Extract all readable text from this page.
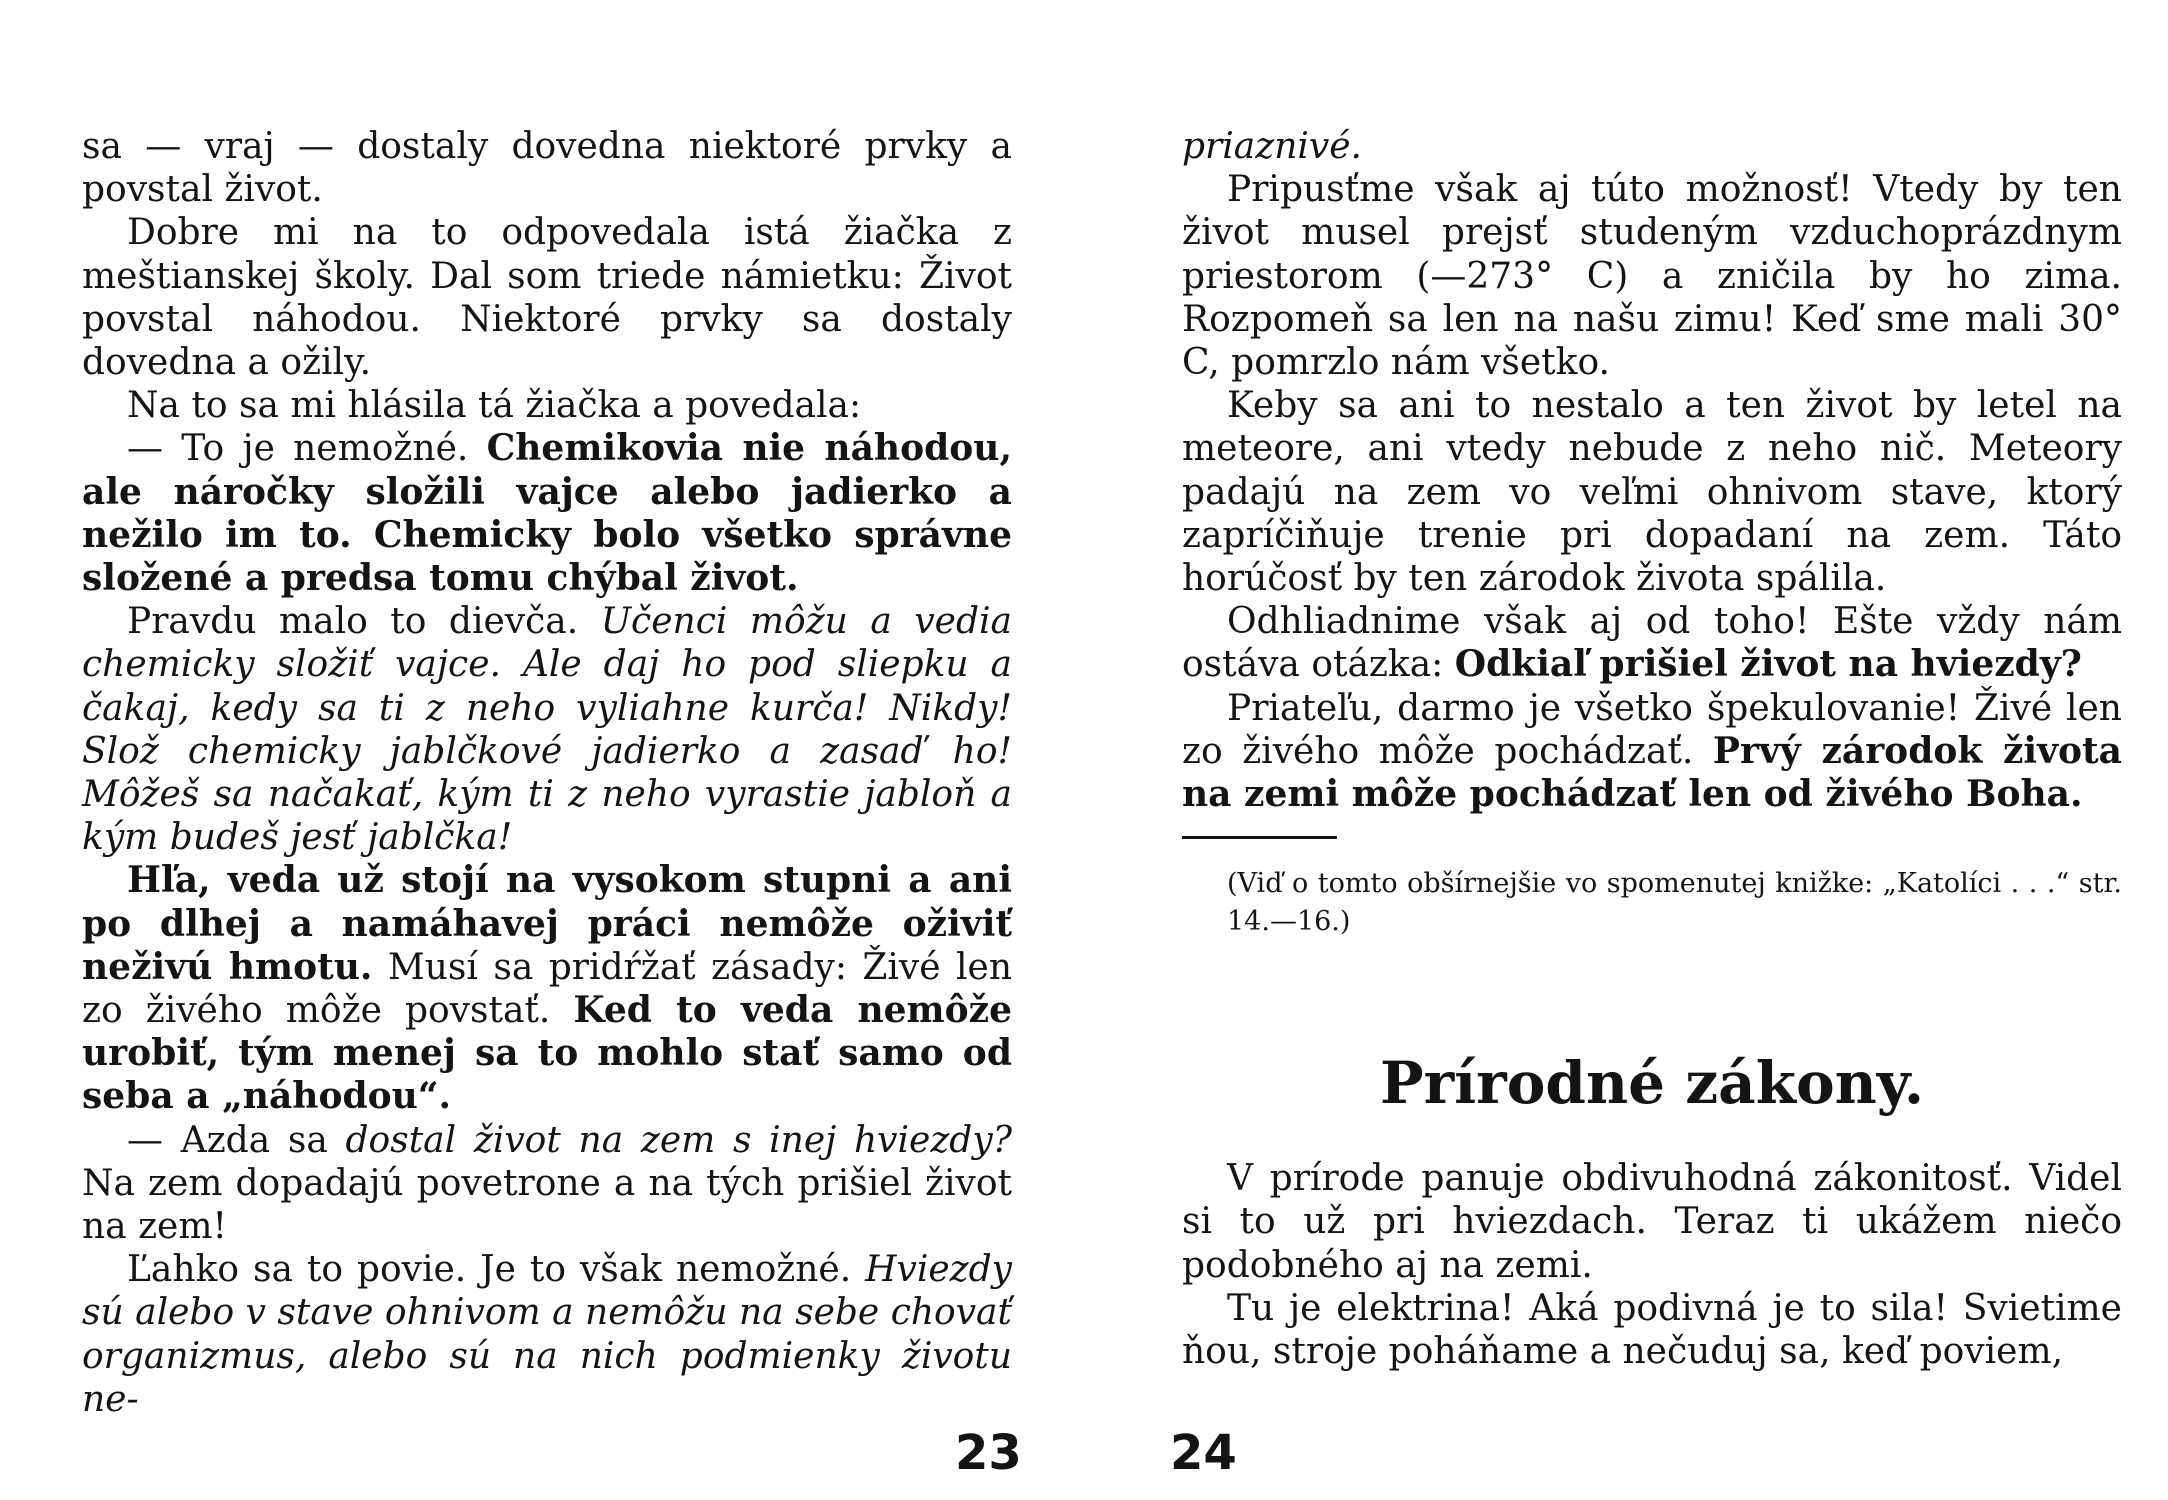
sa — vraj — dostaly dovedna niektoré prvky a povstal život.

Dobre mi na to odpovedala istá žiačka z meštianskej školy. Dal som triede námietku: Život povstal náhodou. Niektoré prvky sa dostaly dovedna a ožily.

Na to sa mi hlásila tá žiačka a povedala:

— To je nemožné. Chemikovia nie náhodou, ale náročky složili vajce alebo jadierko a nežilo im to. Chemicky bolo všetko správne složené a predsa tomu chýbal život.

Pravdu malo to dievča. Učenci môžu a vedia chemicky složiť vajce. Ale daj ho pod sliepku a čakaj, kedy sa ti z neho vyliahne kurča! Nikdy! Slož chemicky jablčkové jadierko a zasaď ho! Môžeš sa načakať, kým ti z neho vyrastie jabloň a kým budeš jesť jablčka!

Hľa, veda už stojí na vysokom stupni a ani po dlhej a namáhavej práci nemôže oživiť neživú hmotu. Musí sa pridŕžať zásady: Živé len zo živého môže povstať. Ked to veda nemôže urobiť, tým menej sa to mohlo stať samo od seba a „náhodou“.

— Azda sa dostal život na zem s inej hviezdy? Na zem dopadajú povetrone a na tých prišiel život na zem!

Ľahko sa to povie. Je to však nemožné. Hviezdy sú alebo v stave ohnivom a nemôžu na sebe chovať organizmus, alebo sú na nich podmienky životu ne-

priaznivé.

Pripusťme však aj túto možnosť! Vtedy by ten život musel prejsť studeným vzduchoprázdnym priestorom (—273° C) a zničila by ho zima. Rozpomeň sa len na našu zimu! Keď sme mali 30° C, pomrzlo nám všetko.

Keby sa ani to nestalo a ten život by letel na meteore, ani vtedy nebude z neho nič. Meteory padajú na zem vo veľmi ohnivom stave, ktorý zapríčiňuje trenie pri dopadaní na zem. Táto horúčosť by ten zárodok života spálila.

Odhliadnime však aj od toho! Ešte vždy nám ostáva otázka: Odkiaľ prišiel život na hviezdy?

Priateľu, darmo je všetko špekulovanie! Živé len zo živého môže pochádzať. Prvý zárodok života na zemi môže pochádzať len od živého Boha.

(Viď o tomto obšírnejšie vo spomenutej knižke: „Katolíci . . .“ str. 14.—16.)

Prírodné zákony.

V prírode panuje obdivuhodná zákonitosť. Videl si to už pri hviezdach. Teraz ti ukážem niečo podobného aj na zemi.

Tu je elektrina! Aká podivná je to sila! Svietime ňou, stroje poháňame a nečuduj sa, keď poviem,

23	24
